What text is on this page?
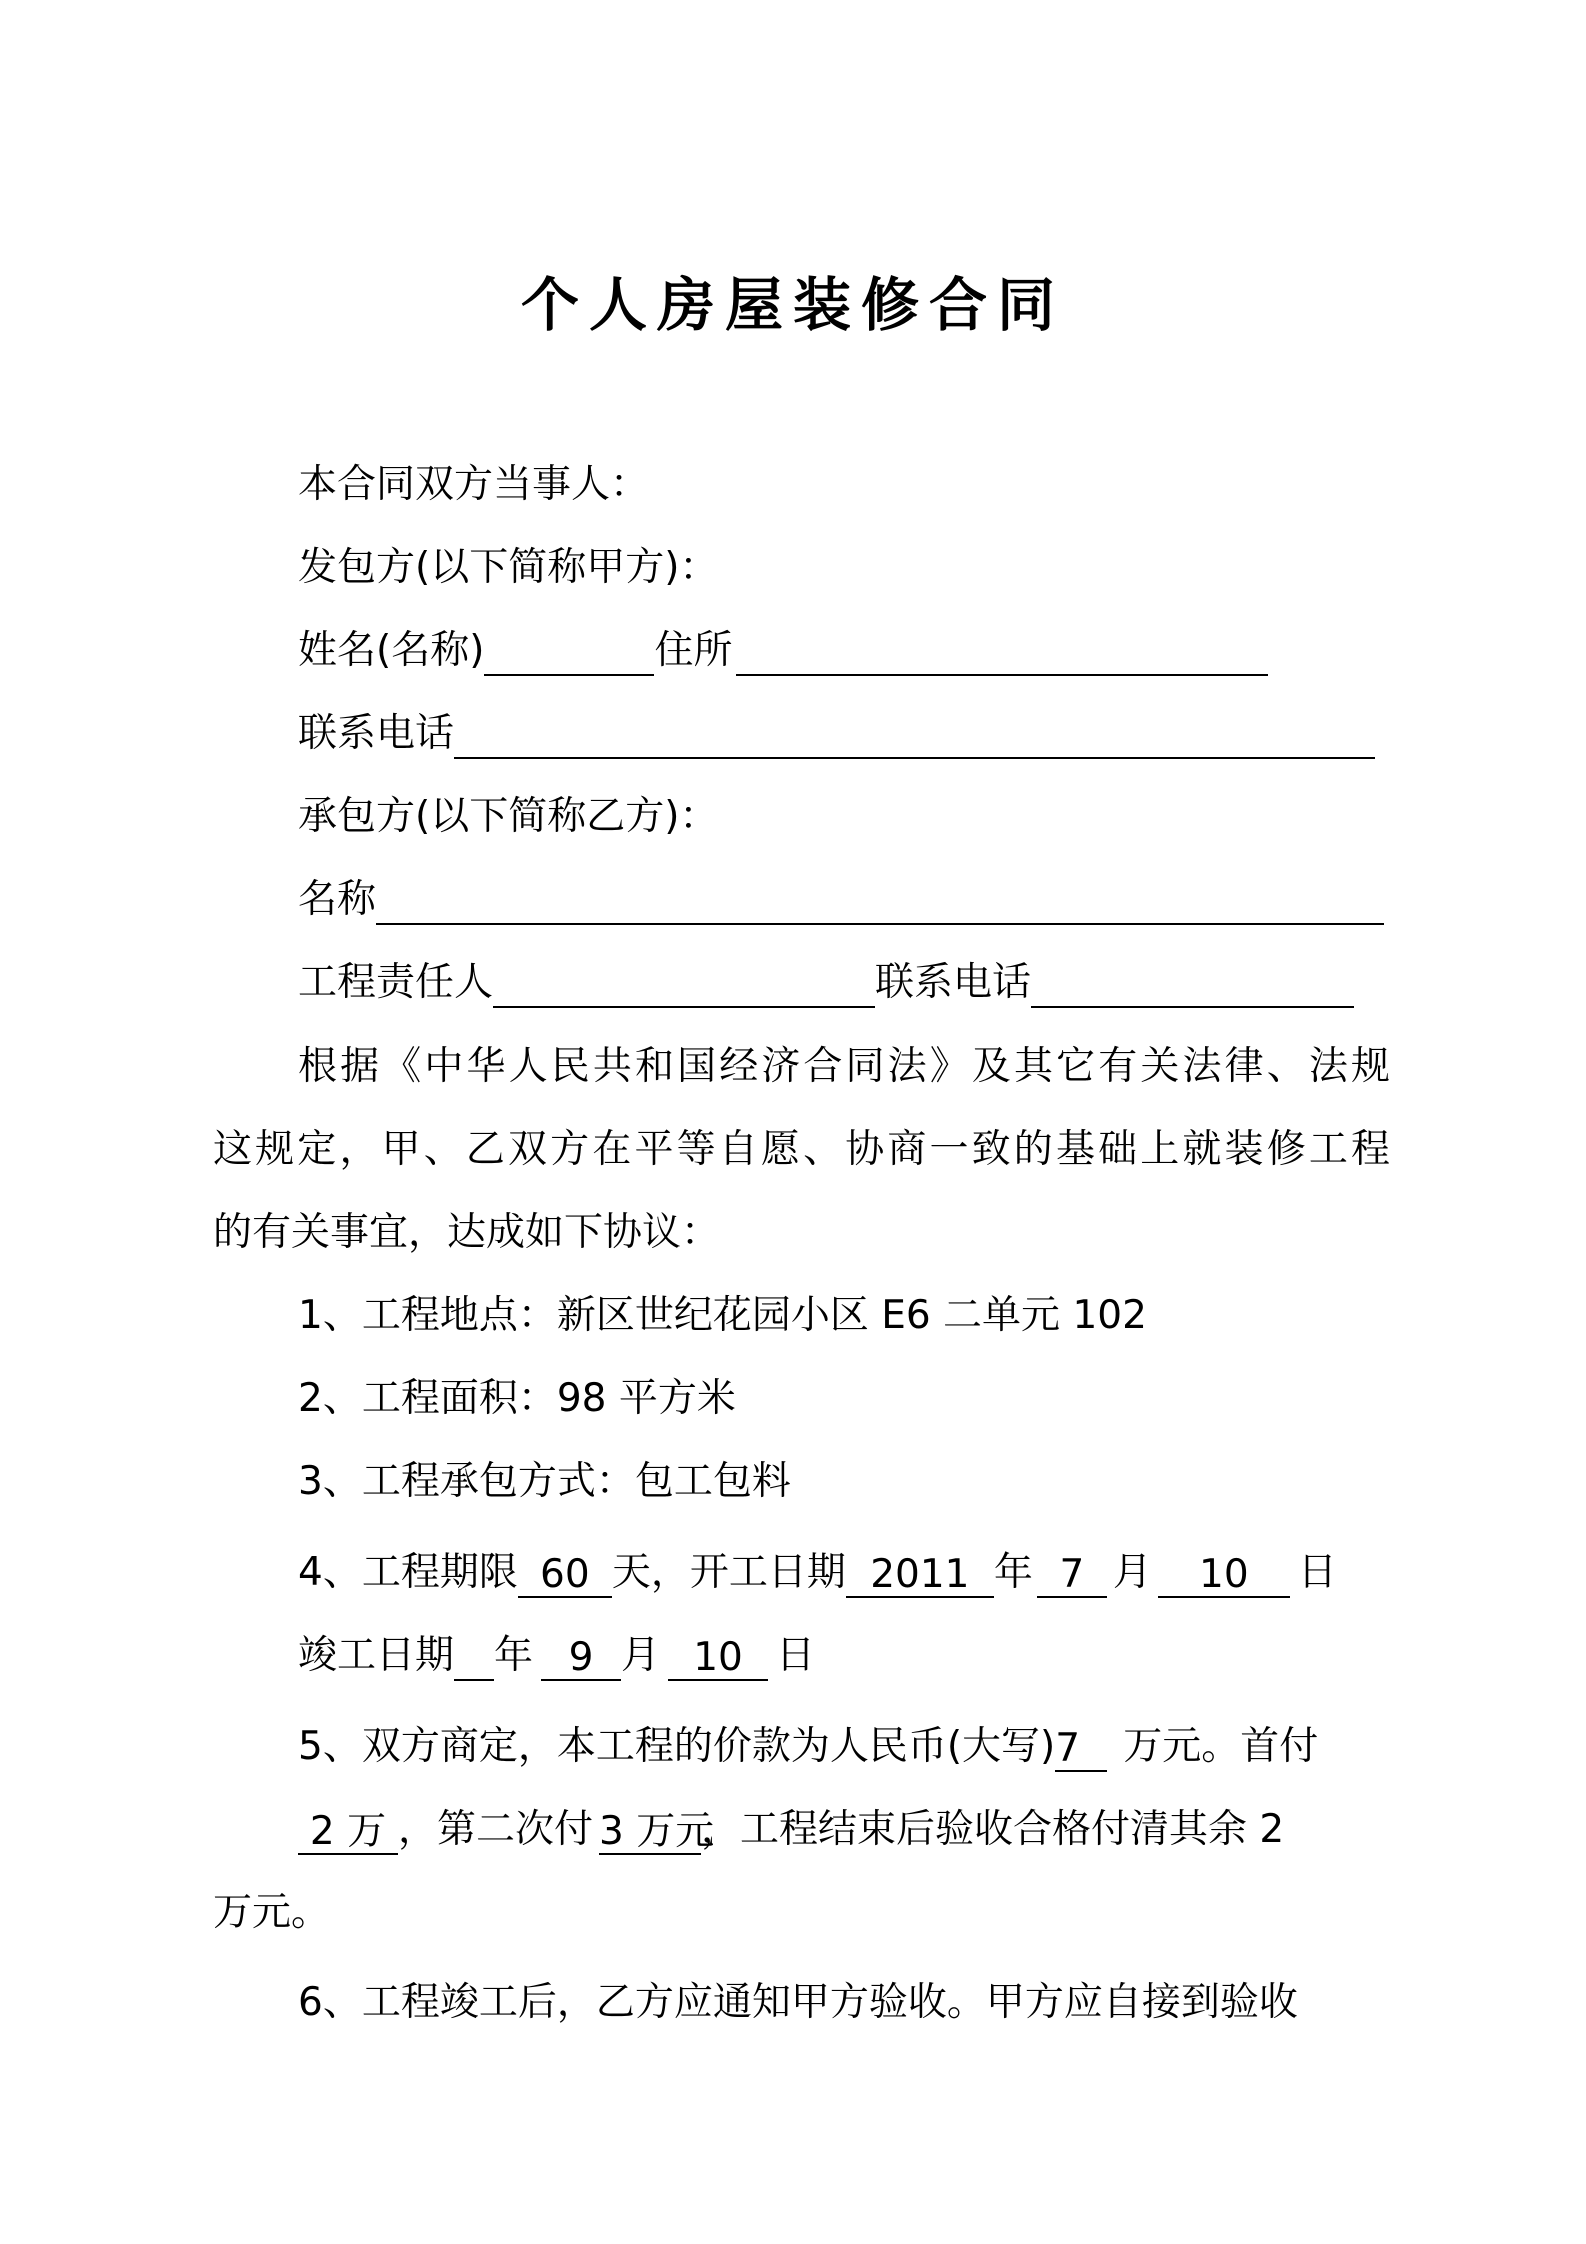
个人房屋装修合同
本合同双方当事人：
发包方(以下简称甲方)：
姓名(名称)	住所
联系电话
承包方(以下简称乙方)：
名称
工程责任人	联系电话
根据《中华人民共和国经济合同法》及其它有关法律、法规
这规定，甲、乙双方在平等自愿、协商一致的基础上就装修工程
的有关事宜，达成如下协议：
1、工程地点：新区世纪花园小区 E6 二单元 102
2、工程面积：98 平方米
3、工程承包方式：包工包料
4、工程期限 60 天，开工日期 2011 年 7 月 10 日
竣工日期 年 9 月 10 日
5、双方商定，本工程的价款为人民币(大写)7 万元。首付
2 万 ，第二次付 3 万元，工程结束后验收合格付清其余 2
万元。
6、工程竣工后，乙方应通知甲方验收。甲方应自接到验收
